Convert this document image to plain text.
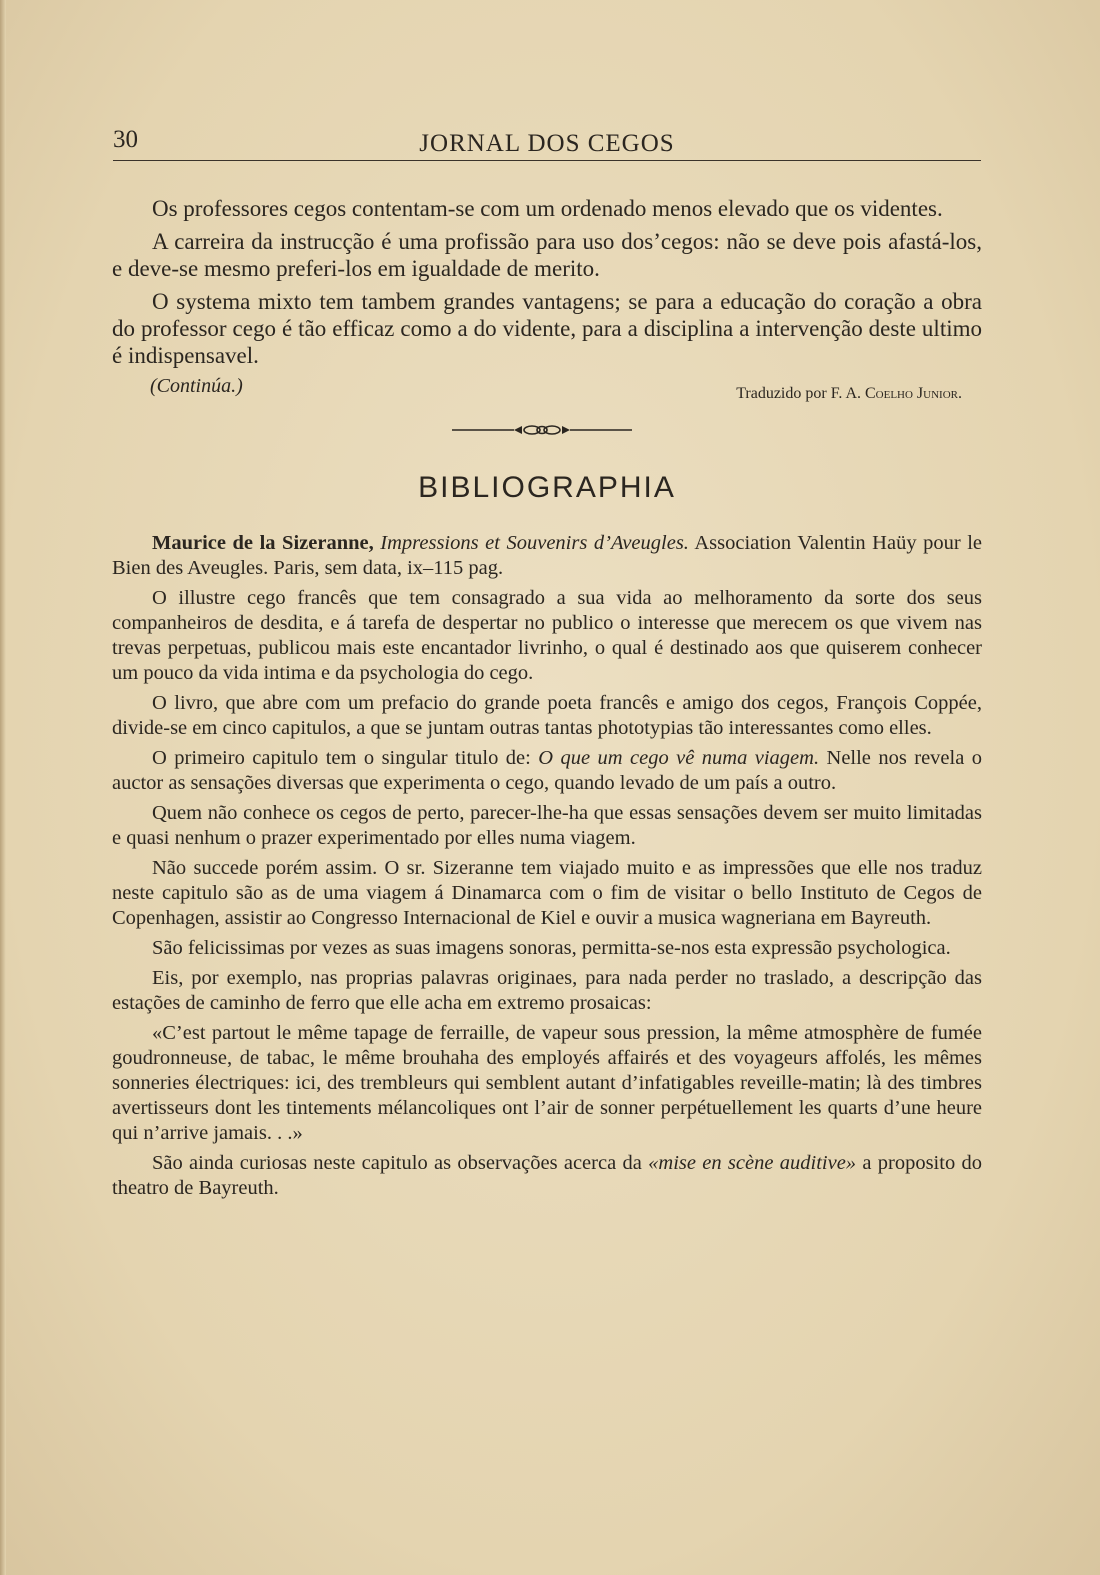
30	JORNAL DOS CEGOS

Os professores cegos contentam-se com um ordenado menos elevado que os videntes.

A carreira da instrucção é uma profissão para uso dos’cegos: não se deve pois afastá-los, e deve-se mesmo preferi-los em igualdade de merito.

O systema mixto tem tambem grandes vantagens; se para a educação do coração a obra do professor cego é tão efficaz como a do vidente, para a disciplina a intervenção deste ultimo é indispensavel.

(Continúa.)	Traduzido por F. A. Coelho Junior.
BIBLIOGRAPHIA

Maurice de la Sizeranne, Impressions et Souvenirs d’Aveugles. Association Valentin Haüy pour le Bien des Aveugles. Paris, sem data, ix–115 pag.

O illustre cego francês que tem consagrado a sua vida ao melhoramento da sorte dos seus companheiros de desdita, e á tarefa de despertar no publico o interesse que merecem os que vivem nas trevas perpetuas, publicou mais este encantador livrinho, o qual é destinado aos que quiserem conhecer um pouco da vida intima e da psychologia do cego.

O livro, que abre com um prefacio do grande poeta francês e amigo dos cegos, François Coppée, divide-se em cinco capitulos, a que se juntam outras tantas phototypias tão interessantes como elles.

O primeiro capitulo tem o singular titulo de: O que um cego vê numa viagem. Nelle nos revela o auctor as sensações diversas que experimenta o cego, quando levado de um país a outro.

Quem não conhece os cegos de perto, parecer-lhe-ha que essas sensações devem ser muito limitadas e quasi nenhum o prazer experimentado por elles numa viagem.

Não succede porém assim. O sr. Sizeranne tem viajado muito e as impressões que elle nos traduz neste capitulo são as de uma viagem á Dinamarca com o fim de visitar o bello Instituto de Cegos de Copenhagen, assistir ao Congresso Internacional de Kiel e ouvir a musica wagneriana em Bayreuth.

São felicissimas por vezes as suas imagens sonoras, permitta-se-nos esta expressão psychologica.

Eis, por exemplo, nas proprias palavras originaes, para nada perder no traslado, a descripção das estações de caminho de ferro que elle acha em extremo prosaicas:

«C’est partout le même tapage de ferraille, de vapeur sous pression, la même atmosphère de fumée goudronneuse, de tabac, le même brouhaha des employés affairés et des voyageurs affolés, les mêmes sonneries électriques: ici, des trembleurs qui semblent autant d’infatigables reveille-matin; là des timbres avertisseurs dont les tintements mélancoliques ont l’air de sonner perpétuellement les quarts d’une heure qui n’arrive jamais. . .»

São ainda curiosas neste capitulo as observações acerca da «mise en scène auditive» a proposito do theatro de Bayreuth.
